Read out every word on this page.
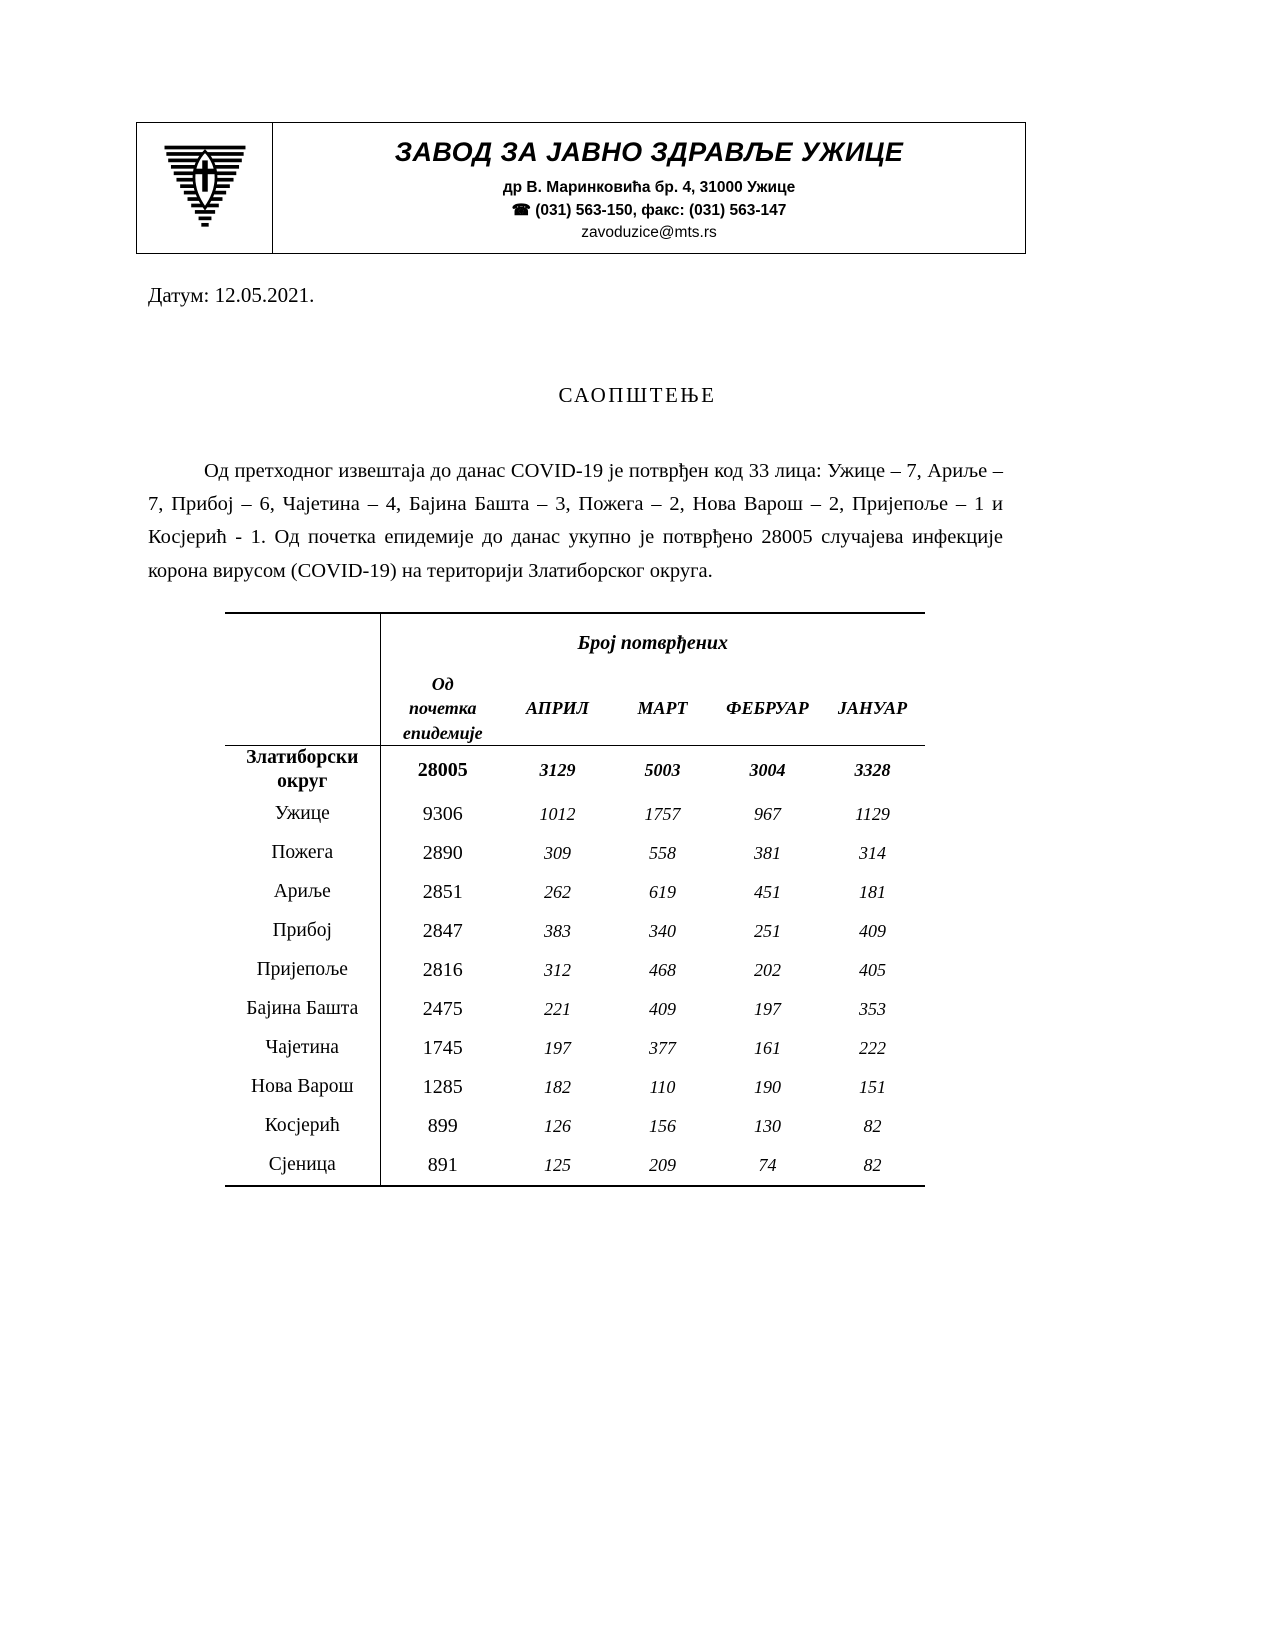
ЗАВОД ЗА ЈАВНО ЗДРАВЉЕ УЖИЦЕ
др В. Маринковића бр. 4, 31000 Ужице
☎ (031) 563-150, факс: (031) 563-147
zavoduzice@mts.rs
Датум: 12.05.2021.
САОПШТЕЊЕ
Од претходног извештаја до данас COVID-19 је потврђен код 33 лица: Ужице – 7, Ариље – 7, Прибој – 6, Чајетина – 4, Бајина Башта – 3, Пожега – 2, Нова Варош – 2, Пријепоље – 1 и Косјерић - 1. Од почетка епидемије до данас укупно је потврђено 28005 случајева инфекције корона вирусом (COVID-19) на територији Златиборског округа.
	Број потврђених				

	Од
почетка
епидемије	АПРИЛ	МАРТ	ФЕБРУАР	ЈАНУАР

Златиборски
округ	28005	3129	5003	3004	3328
Ужице	9306	1012	1757	967	1129
Пожега	2890	309	558	381	314
Ариље	2851	262	619	451	181
Прибој	2847	383	340	251	409
Пријепоље	2816	312	468	202	405
Бајина Башта	2475	221	409	197	353
Чајетина	1745	197	377	161	222
Нова Варош	1285	182	110	190	151
Косјерић	899	126	156	130	82
Сјеница	891	125	209	74	82
